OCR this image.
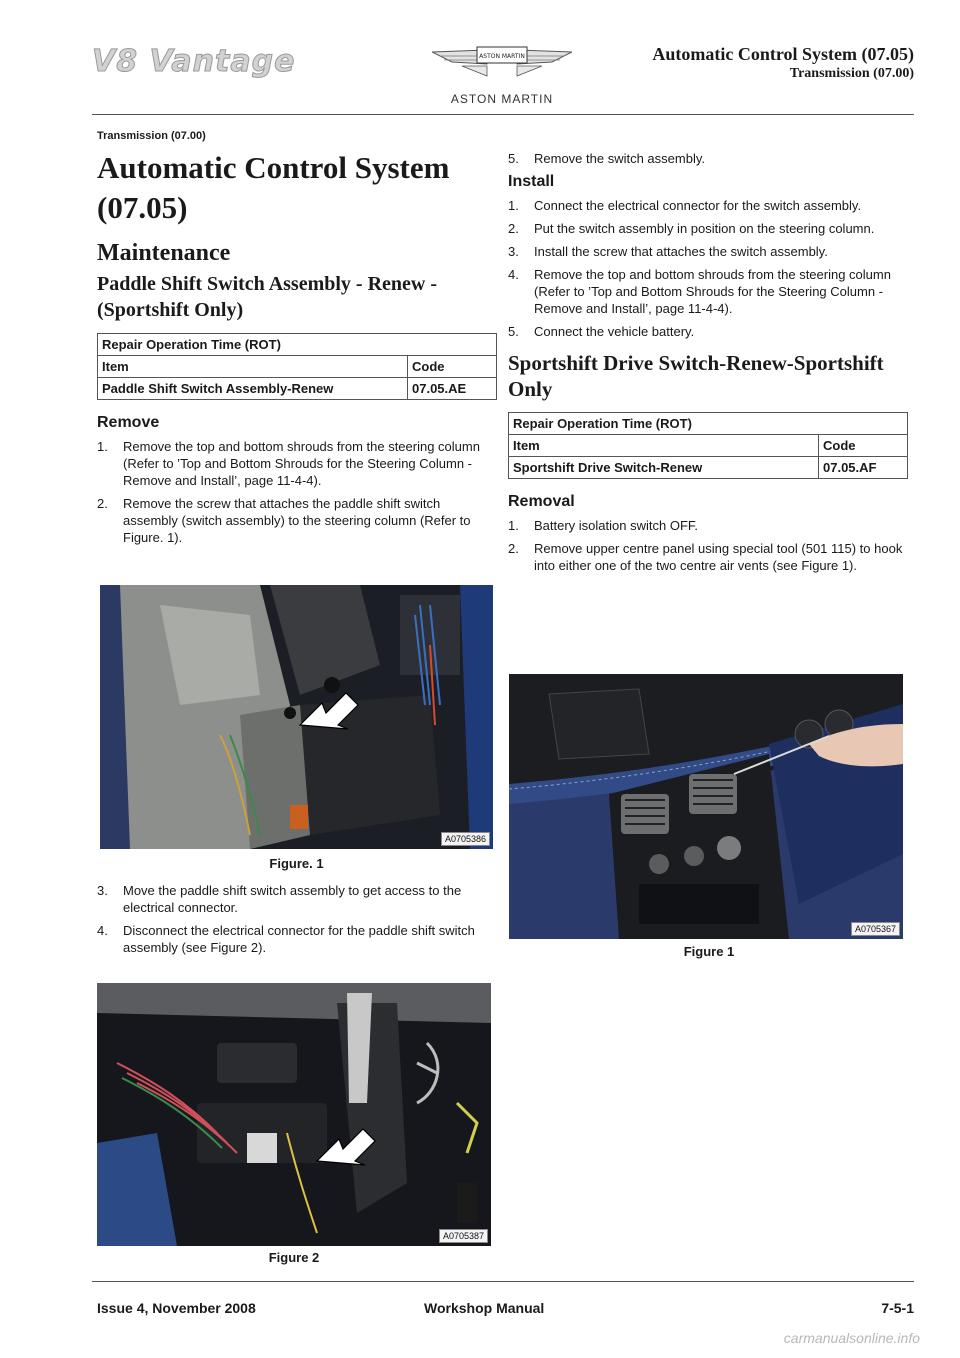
V8 Vantage	ASTON MARTIN
ASTON MARTIN
Automatic Control System (07.05)
Transmission (07.00)
Transmission (07.00)
Automatic Control System (07.05)
Maintenance
Paddle Shift Switch Assembly - Renew - (Sportshift Only)
Repair Operation Time (ROT)	
Item	Code
Paddle Shift Switch Assembly-Renew	07.05.AE
Remove
1. Remove the top and bottom shrouds from the steering column (Refer to ’Top and Bottom Shrouds for the Steering Column - Remove and Install’, page 11-4-4).
2. Remove the screw that attaches the paddle shift switch assembly (switch assembly) to the steering column (Refer to Figure. 1).
A0705386
Figure. 1
3. Move the paddle shift switch assembly to get access to the electrical connector.
4. Disconnect the electrical connector for the paddle shift switch assembly (see Figure 2).
A0705387
Figure 2
5. Remove the switch assembly.
Install
1. Connect the electrical connector for the switch assembly.
2. Put the switch assembly in position on the steering column.
3. Install the screw that attaches the switch assembly.
4. Remove the top and bottom shrouds from the steering column (Refer to ’Top and Bottom Shrouds for the Steering Column - Remove and Install’, page 11-4-4).
5. Connect the vehicle battery.
Sportshift Drive Switch-Renew-Sportshift Only
Repair Operation Time (ROT)	
Item	Code
Sportshift Drive Switch-Renew	07.05.AF
Removal
1. Battery isolation switch OFF.
2. Remove upper centre panel using special tool (501 115) to hook into either one of the two centre air vents (see Figure 1).
A0705367
Figure 1
Issue 4, November 2008	Workshop Manual	7-5-1
carmanualsonline.info
